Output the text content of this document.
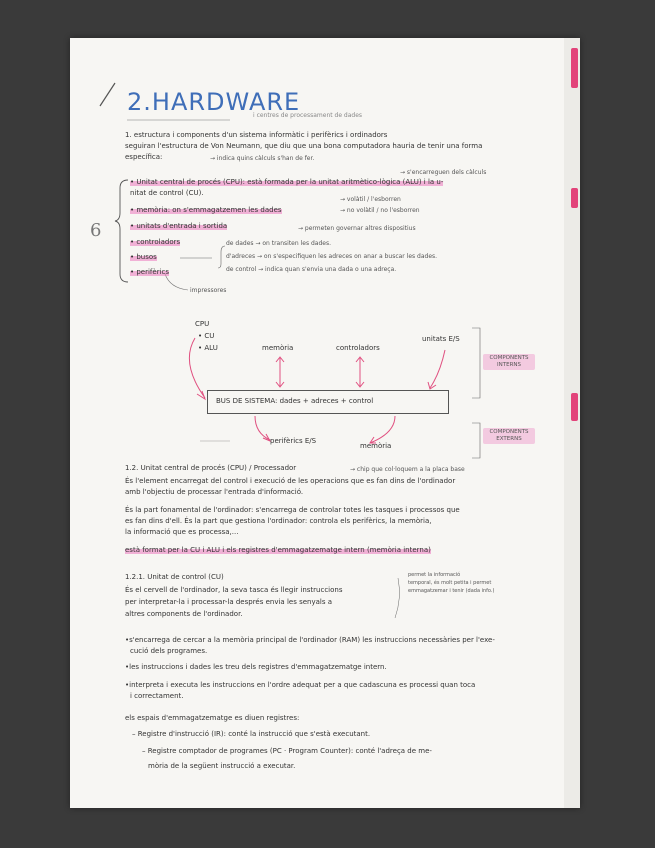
6
2.HARDWARE
i centres de processament de dades
1. estructura i components d'un sistema informàtic i perifèrics i ordinadors
seguiran l'estructura de Von Neumann, que diu que una bona computadora hauria de tenir una forma
específica:	→ indica quins càlculs s'han de fer.
→ s'encarreguen dels càlculs
• Unitat central de procés (CPU): està formada per la unitat aritmètico-lògica (ALU) i la u-
nitat de control (CU).
→ volàtil / l'esborren
• memòria: on s'emmagatzemen les dades	→ no volàtil / no l'esborren
• unitats d'entrada i sortida	→ permeten governar altres dispositius
• controladors	de dades → on transiten les dades.
• busos	d'adreces → on s'especifiquen les adreces on anar a buscar les dades.
• perifèrics	de control → indica quan s'envia una dada o una adreça.
impressores
CPU
• CU
• ALU	memòria	controladors
unitats E/S
BUS DE SISTEMA: dades + adreces + control
perifèrics E/S
memòria
COMPONENTS INTERNS
COMPONENTS EXTERNS
1.2. Unitat central de procés (CPU) / Processador	→ chip que col·loquem a la placa base
És l'element encarregat del control i execució de les operacions que es fan dins de l'ordinador
amb l'objectiu de processar l'entrada d'informació.
És la part fonamental de l'ordinador: s'encarrega de controlar totes les tasques i processos que
es fan dins d'ell. És la part que gestiona l'ordinador: controla els perifèrics, la memòria,
la informació que es processa,...
està format per la CU i ALU i els registres d'emmagatzematge intern (memòria interna)
1.2.1. Unitat de control (CU)	permet la informació
temporal, és molt petita i permet
emmagatzemar i tenir (dada info.)
És el cervell de l'ordinador, la seva tasca és llegir instruccions
per interpretar-la i processar-la després envia les senyals a
altres components de l'ordinador.
•s'encarrega de cercar a la memòria principal de l'ordinador (RAM) les instruccions necessàries per l'exe-
cució dels programes.
•les instruccions i dades les treu dels registres d'emmagatzematge intern.
•interpreta i executa les instruccions en l'ordre adequat per a que cadascuna es processi quan toca
i correctament.
els espais d'emmagatzematge es diuen registres:
– Registre d'instrucció (IR): conté la instrucció que s'està executant.
– Registre comptador de programes (PC · Program Counter): conté l'adreça de me-
mòria de la següent instrucció a executar.
